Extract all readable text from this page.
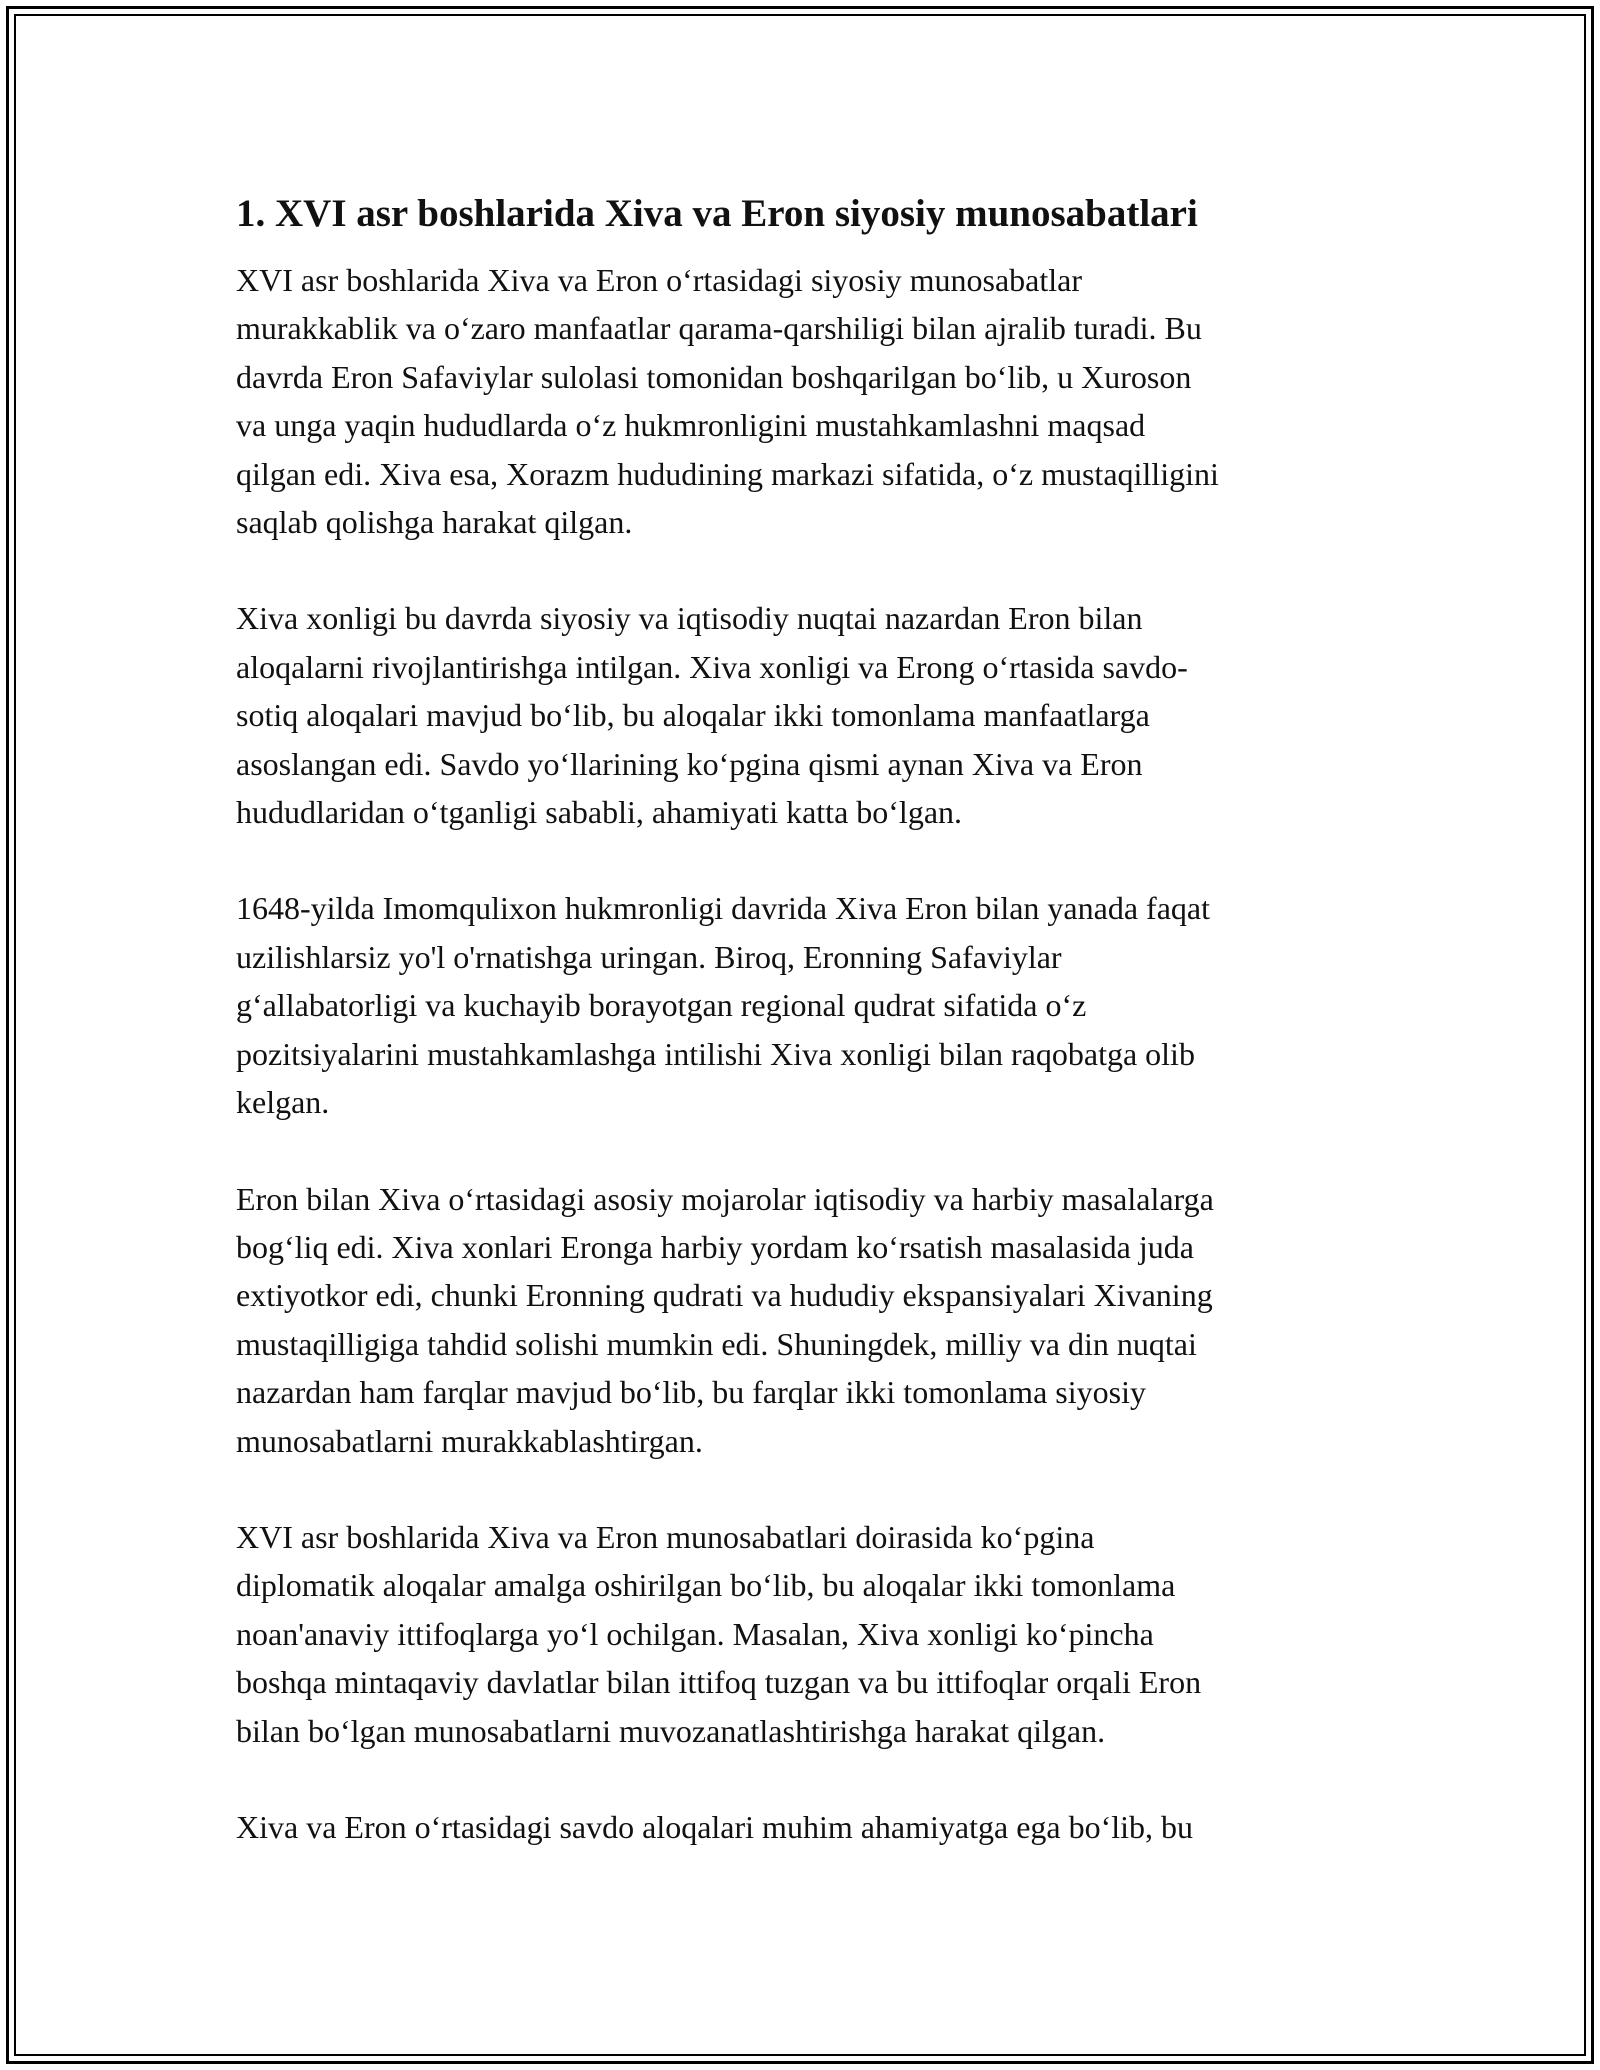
1. XVI asr boshlarida Xiva va Eron siyosiy munosabatlari

XVI asr boshlarida Xiva va Eron oʻrtasidagi siyosiy munosabatlar
murakkablik va oʻzaro manfaatlar qarama-qarshiligi bilan ajralib turadi. Bu
davrda Eron Safaviylar sulolasi tomonidan boshqarilgan boʻlib, u Xuroson
va unga yaqin hududlarda oʻz hukmronligini mustahkamlashni maqsad
qilgan edi. Xiva esa, Xorazm hududining markazi sifatida, oʻz mustaqilligini
saqlab qolishga harakat qilgan.

Xiva xonligi bu davrda siyosiy va iqtisodiy nuqtai nazardan Eron bilan
aloqalarni rivojlantirishga intilgan. Xiva xonligi va Erong oʻrtasida savdo-
sotiq aloqalari mavjud boʻlib, bu aloqalar ikki tomonlama manfaatlarga
asoslangan edi. Savdo yoʻllarining koʻpgina qismi aynan Xiva va Eron
hududlaridan oʻtganligi sababli, ahamiyati katta boʻlgan.

1648-yilda Imomqulixon hukmronligi davrida Xiva Eron bilan yanada faqat
uzilishlarsiz yo'l o'rnatishga uringan. Biroq, Eronning Safaviylar
gʻallabatorligi va kuchayib borayotgan regional qudrat sifatida oʻz
pozitsiyalarini mustahkamlashga intilishi Xiva xonligi bilan raqobatga olib
kelgan.

Eron bilan Xiva oʻrtasidagi asosiy mojarolar iqtisodiy va harbiy masalalarga
bogʻliq edi. Xiva xonlari Eronga harbiy yordam koʻrsatish masalasida juda
extiyotkor edi, chunki Eronning qudrati va hududiy ekspansiyalari Xivaning
mustaqilligiga tahdid solishi mumkin edi. Shuningdek, milliy va din nuqtai
nazardan ham farqlar mavjud boʻlib, bu farqlar ikki tomonlama siyosiy
munosabatlarni murakkablashtirgan.

XVI asr boshlarida Xiva va Eron munosabatlari doirasida koʻpgina
diplomatik aloqalar amalga oshirilgan boʻlib, bu aloqalar ikki tomonlama
noan'anaviy ittifoqlarga yoʻl ochilgan. Masalan, Xiva xonligi koʻpincha
boshqa mintaqaviy davlatlar bilan ittifoq tuzgan va bu ittifoqlar orqali Eron
bilan boʻlgan munosabatlarni muvozanatlashtirishga harakat qilgan.

Xiva va Eron oʻrtasidagi savdo aloqalari muhim ahamiyatga ega boʻlib, bu
